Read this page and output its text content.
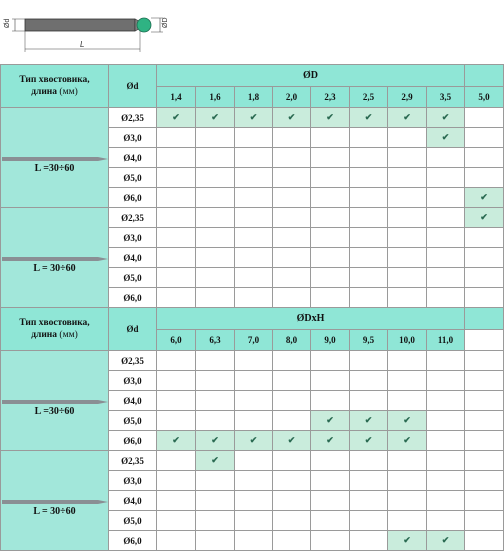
Ød	ØD
L
Тип хвостовика,
длина (мм)	Ød	ØD								
		1,4	1,6	1,8	2,0	2,3	2,5	2,9	3,5	5,0

L =30÷60	Ø2,35	✔	✔	✔	✔	✔	✔	✔	✔	
	Ø3,0								✔	
	Ø4,0									
	Ø5,0									
	Ø6,0									✔

L = 30÷60	Ø2,35									✔
	Ø3,0									
	Ø4,0									
	Ø5,0									
	Ø6,0									
Тип хвостовика,
длина (мм)	Ød	ØDxH								
		6,0	6,3	7,0	8,0	9,0	9,5	10,0	11,0	

L =30÷60	Ø2,35									
	Ø3,0									
	Ø4,0									
	Ø5,0					✔	✔	✔		
	Ø6,0	✔	✔	✔	✔	✔	✔	✔		

L = 30÷60	Ø2,35		✔							
	Ø3,0									
	Ø4,0									
	Ø5,0									
	Ø6,0							✔	✔	
